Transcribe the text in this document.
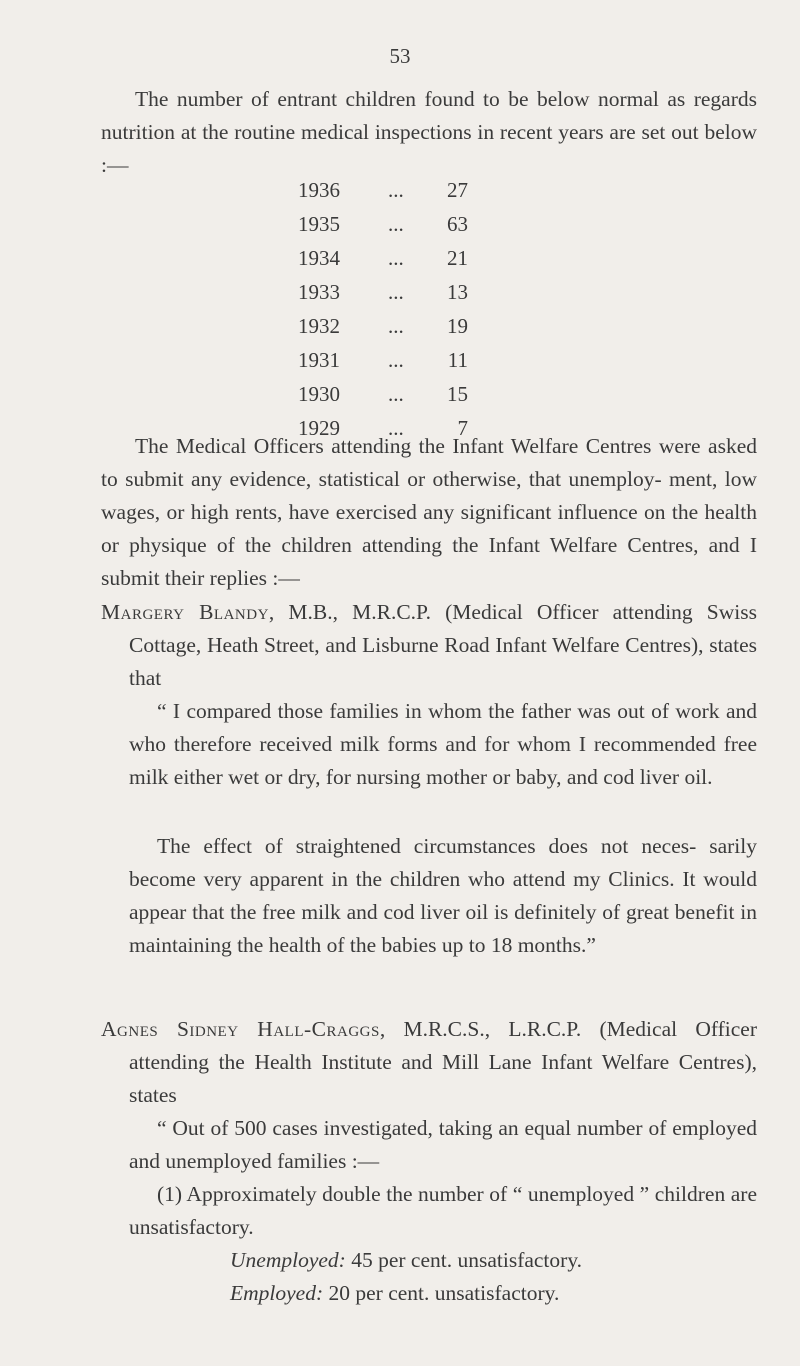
53

The number of entrant children found to be below normal as regards nutrition at the routine medical inspections in recent years are set out below :—

1936 ...	27
1935 ...	63
1934 ...	21
1933 ...	13
1932 ...	19
1931 ...	11
1930 ...	15
1929 ...	7

The Medical Officers attending the Infant Welfare Centres were asked to submit any evidence, statistical or otherwise, that unemploy- ment, low wages, or high rents, have exercised any significant influence on the health or physique of the children attending the Infant Welfare Centres, and I submit their replies :—

Margery Blandy, M.B., M.R.C.P. (Medical Officer attending Swiss Cottage, Heath Street, and Lisburne Road Infant Welfare Centres), states that

“ I compared those families in whom the father was out of work and who therefore received milk forms and for whom I recommended free milk either wet or dry, for nursing mother or baby, and cod liver oil.

The effect of straightened circumstances does not neces- sarily become very apparent in the children who attend my Clinics. It would appear that the free milk and cod liver oil is definitely of great benefit in maintaining the health of the babies up to 18 months.”

Agnes Sidney Hall-Craggs, M.R.C.S., L.R.C.P. (Medical Officer attending the Health Institute and Mill Lane Infant Welfare Centres), states

“ Out of 500 cases investigated, taking an equal number of employed and unemployed families :—

(1) Approximately double the number of “ unemployed ” children are unsatisfactory.

Unemployed: 45 per cent. unsatisfactory.
Employed: 20 per cent. unsatisfactory.
